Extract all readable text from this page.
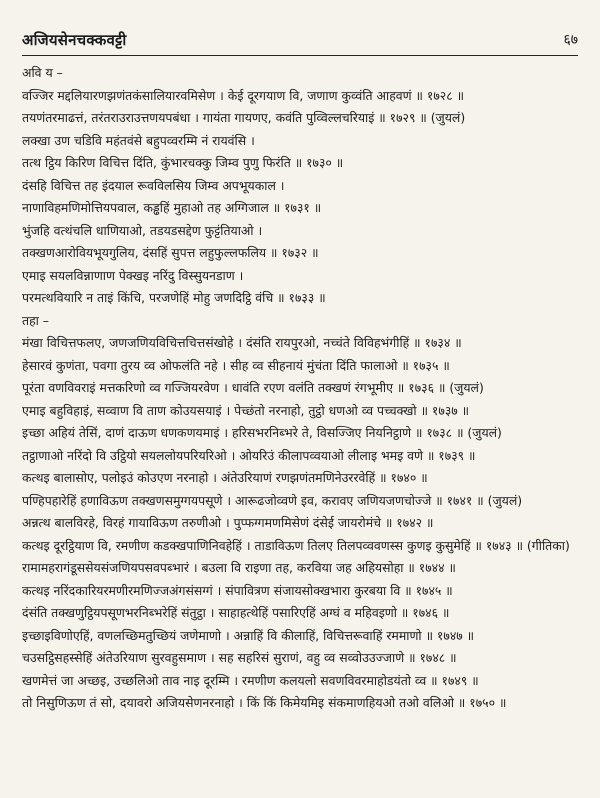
अजियसेनचक्कवट्टी	६७
अवि य –
वज्जिर मद्दलियारणझणंतकंसालियारवमिसेण । केई दूरगयाण वि, जणाण कुव्वंति आहवणं ॥ १७२८ ॥
तयणंतरमाढत्तं, तरंतराउराउत्तणयपबंधा । गायंता गायणए, कवंति पुव्विल्लचरियाइं ॥ १७२९ ॥ (जुयलं)
लक्खा उण चडिवि महंतवंसे बहुपव्वरम्मि नं रायवंसि ।
तत्थ ट्ठिय किरिण विचित्त दिंति, कुंभारचक्कु जिम्व पुणु फिरंति ॥ १७३० ॥
दंसहि विचित्त तह इंदयाल रूवविलसिय जिम्व अपभूयकाल ।
नाणाविहमणिमोत्तियपवाल, कड्ढहिं मुहाओ तह अग्गिजाल ॥ १७३१ ॥
भुंजहि वत्थंचलि धाणियाओ, तडयडसद्देण फुट्टंतियाओ ।
तक्खणआरोवियभूयगुलिय, दंसहिं सुपत्त लहुफुल्लफलिय ॥ १७३२ ॥
एमाइ सयलविन्नाणाण पेक्खइ नरिंदु विस्सुयनडाण ।
परमत्थवियारि न ताइं किंचि, परजणेहिं मोहु जणदिट्ठि वंचि ॥ १७३३ ॥
तहा –
मंखा विचित्तफलए, जणजणियविचित्तचित्तसंखोहे । दंसंति रायपुरओ, नच्चंते विविहभंगीहिं ॥ १७३४ ॥
हेसारवं कुणंता, पवगा तुरय व्व ओफलंति नहे । सीह व्व सीहनायं मुंचंता दिंति फालाओ ॥ १७३५ ॥
पूरंता वणविवराइं मत्तकरिणो व्व गज्जियरवेण । धावंति रएण वलंति तक्खणं रंगभूमीए ॥ १७३६ ॥ (जुयलं)
एमाइ बहुविहाइं, सव्वाण वि ताण कोउयसयाइं । पेच्छंतो नरनाहो, तुट्ठो धणओ व्व पच्चक्खो ॥ १७३७ ॥
इच्छा अहियं तेसिं, दाणं दाऊण धणकणयमाइं । हरिसभरनिब्भरे ते, विसज्जिए नियनिट्ठाणे ॥ १७३८ ॥ (जुयलं)
तट्ठाणाओ नरिंदो वि उट्ठियो सयललोयपरियरिओ । ओयरिउं कीलापव्वयाओ लीलाइ भमइ वणे ॥ १७३९ ॥
कत्थइ बालासोए, पलोइउं कोउएण नरनाहो । अंतेउरियाणं रणझणंतमणिनेउररवेहिं ॥ १७४० ॥
पण्हिपहारेहिं हणाविऊण तक्खणसमुग्गयपसूणे । आरूढजोव्वणे इव, करावए जणियजणचोज्जे ॥ १७४१ ॥ (जुयलं)
अन्नत्थ बालविरहे, विरहं गायाविऊण तरुणीओ । पुप्फग्गमणमिसेणं दंसेई जायरोमंचे ॥ १७४२ ॥
कत्थइ दूरट्ठियाण वि, रमणीण कडक्खपाणिनिवहेहिं । ताडाविऊण तिलए तिलपव्ववणस्स कुणइ कुसुमेहिं ॥ १७४३ ॥ (गीतिका)
रामामहरागंडूससेयसंजणियपसवपब्भारं । बउला वि राइणा तह, करविया जह अहियसोहा ॥ १७४४ ॥
कत्थइ नरिंदकारियरमणीरमणिज्जअंगसंसग्गं । संपावित्रण संजायसोक्खभारा कुरबया वि ॥ १७४५ ॥
दंसंति तक्खणुट्ठियपसूणभरनिब्भरेहिं संतुट्ठा । साहाहत्थेहिं पसारिएहिं अग्घं व महिवइणो ॥ १७४६ ॥
इच्छाइविणोएहिं, वणलच्छिमतुच्छियं जणेमाणो । अन्नाहिं वि कीलाहिं, विचित्तरूवाहिं रममाणो ॥ १७४७ ॥
चउसट्ठिसहस्सेहिं अंतेउरियाण सुरवहुसमाण । सह सहरिसं सुराणं, वहु व्व सव्वोउउज्जाणे ॥ १७४८ ॥
खणमेत्तं जा अच्छइ, उच्छलिओ ताव नाइ दूरम्मि । रमणीण कलयलो सवणविवरमाहोडयंतो व्व ॥ १७४९ ॥
तो निसुणिऊण तं सो, दयावरो अजियसेणनरनाहो । किं किं किमेयमिइ संकमाणहियओ तओ वलिओ ॥ १७५० ॥
